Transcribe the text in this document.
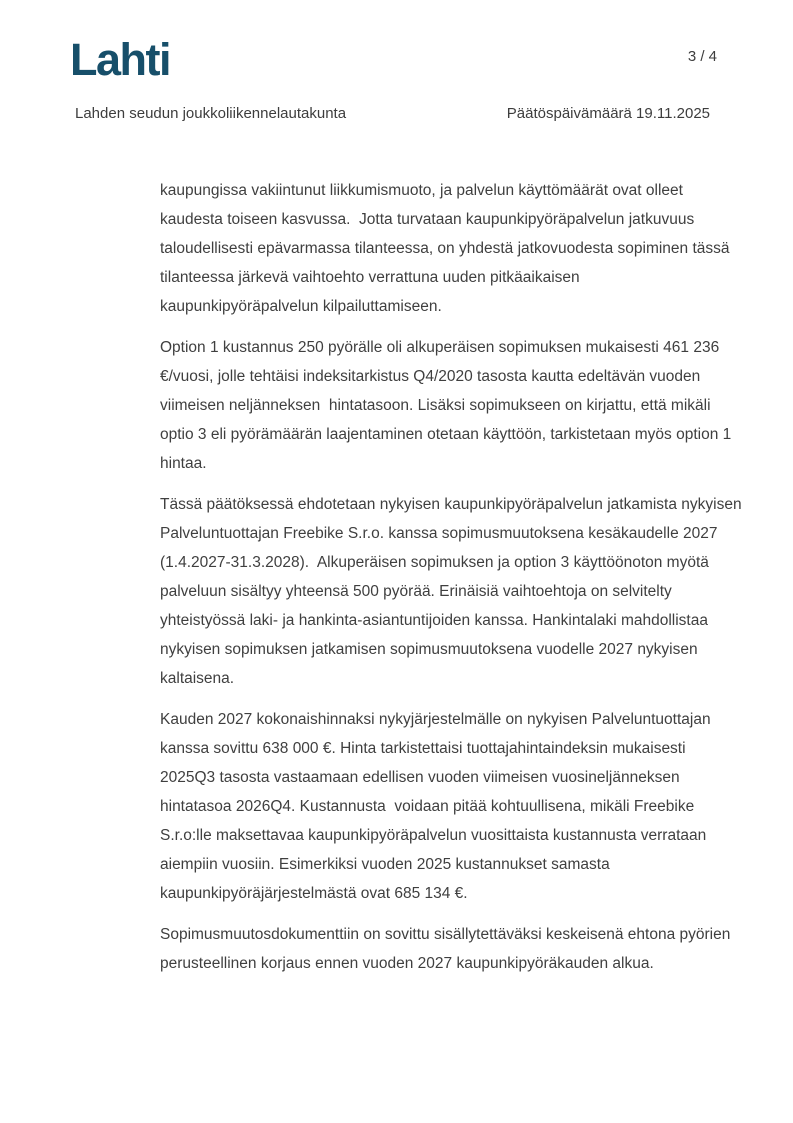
Lahti	3 / 4
Lahden seudun joukkoliikennelautakunta	Päätöspäivämäärä 19.11.2025
kaupungissa vakiintunut liikkumismuoto, ja palvelun käyttömäärät ovat olleet
kaudesta toiseen kasvussa.  Jotta turvataan kaupunkipyöräpalvelun jatkuvuus
taloudellisesti epävarmassa tilanteessa, on yhdestä jatkovuodesta sopiminen tässä
tilanteessa järkevä vaihtoehto verrattuna uuden pitkäaikaisen
kaupunkipyöräpalvelun kilpailuttamiseen.
Option 1 kustannus 250 pyörälle oli alkuperäisen sopimuksen mukaisesti 461 236
€/vuosi, jolle tehtäisi indeksitarkistus Q4/2020 tasosta kautta edeltävän vuoden
viimeisen neljänneksen  hintatasoon. Lisäksi sopimukseen on kirjattu, että mikäli
optio 3 eli pyörämäärän laajentaminen otetaan käyttöön, tarkistetaan myös option 1
hintaa.
Tässä päätöksessä ehdotetaan nykyisen kaupunkipyöräpalvelun jatkamista nykyisen
Palveluntuottajan Freebike S.r.o. kanssa sopimusmuutoksena kesäkaudelle 2027
(1.4.2027-31.3.2028).  Alkuperäisen sopimuksen ja option 3 käyttöönoton myötä
palveluun sisältyy yhteensä 500 pyörää. Erinäisiä vaihtoehtoja on selvitelty
yhteistyössä laki- ja hankinta-asiantuntijoiden kanssa. Hankintalaki mahdollistaa
nykyisen sopimuksen jatkamisen sopimusmuutoksena vuodelle 2027 nykyisen
kaltaisena.
Kauden 2027 kokonaishinnaksi nykyjärjestelmälle on nykyisen Palveluntuottajan
kanssa sovittu 638 000 €. Hinta tarkistettaisi tuottajahintaindeksin mukaisesti
2025Q3 tasosta vastaamaan edellisen vuoden viimeisen vuosineljänneksen
hintatasoa 2026Q4. Kustannusta  voidaan pitää kohtuullisena, mikäli Freebike
S.r.o:lle maksettavaa kaupunkipyöräpalvelun vuosittaista kustannusta verrataan
aiempiin vuosiin. Esimerkiksi vuoden 2025 kustannukset samasta
kaupunkipyöräjärjestelmästä ovat 685 134 €.
Sopimusmuutosdokumenttiin on sovittu sisällytettäväksi keskeisenä ehtona pyörien
perusteellinen korjaus ennen vuoden 2027 kaupunkipyöräkauden alkua.
